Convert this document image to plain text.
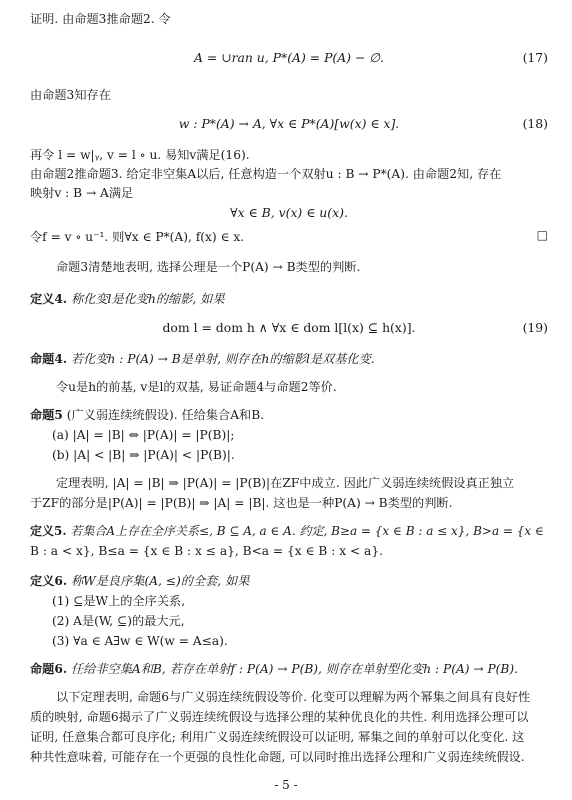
证明. 由命题3推命题2. 令
A = ∪ran u, P*(A) = P(A) − ∅.	(17)
由命题3知存在
w : P*(A) → A, ∀x ∈ P*(A)[w(x) ∈ x].	(18)
再令 l = w|ᵧ, v = l ∘ u. 易知v满足(16).
由命题2推命题3. 给定非空集A以后, 任意构造一个双射u : B → P*(A). 由命题2知, 存在
映射v : B → A满足
∀x ∈ B, v(x) ∈ u(x).
令f = v ∘ u⁻¹. 则∀x ∈ P*(A), f(x) ∈ x.	□
命题3清楚地表明, 选择公理是一个P(A) → B类型的判断.
定义4. 称化变l是化变h的缩影, 如果
dom l = dom h ∧ ∀x ∈ dom l[l(x) ⊆ h(x)].	(19)
命题4. 若化变h : P(A) → B是单射, 则存在h的缩影l是双基化变.
令u是h的前基, v是l的双基, 易证命题4与命题2等价.
命题5 (广义弱连续统假设). 任给集合A和B.
(a) |A| = |B| ⇔ |P(A)| = |P(B)|;
(b) |A| < |B| ⇒ |P(A)| < |P(B)|.
定理表明, |A| = |B| ⇒ |P(A)| = |P(B)|在ZF中成立. 因此广义弱连续统假设真正独立
于ZF的部分是|P(A)| = |P(B)| ⇒ |A| = |B|. 这也是一种P(A) → B类型的判断.
定义5. 若集合A上存在全序关系≤, B ⊆ A, a ∈ A. 约定, B≥a = {x ∈ B : a ≤ x}, B>a = {x ∈
B : a < x}, B≤a = {x ∈ B : x ≤ a}, B<a = {x ∈ B : x < a}.
定义6. 称W是良序集(A, ≤)的全套, 如果
(1) ⊆是W上的全序关系,
(2) A是(W, ⊆)的最大元,
(3) ∀a ∈ A∃w ∈ W(w = A≤a).
命题6. 任给非空集A和B, 若存在单射f : P(A) → P(B), 则存在单射型化变h : P(A) → P(B).
以下定理表明, 命题6与广义弱连续统假设等价. 化变可以理解为两个幂集之间具有良好性
质的映射, 命题6揭示了广义弱连续统假设与选择公理的某种优良化的共性. 利用选择公理可以
证明, 任意集合都可良序化; 利用广义弱连续统假设可以证明, 幂集之间的单射可以化变化. 这
种共性意味着, 可能存在一个更强的良性化命题, 可以同时推出选择公理和广义弱连续统假设.
- 5 -
